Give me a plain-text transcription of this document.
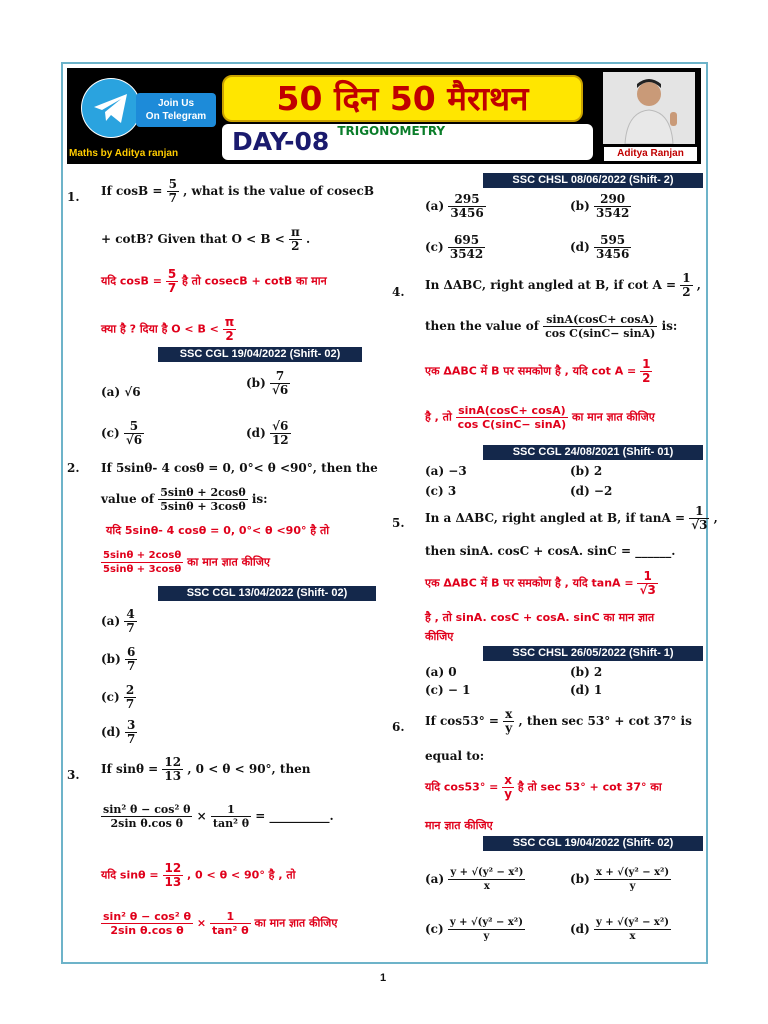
Join Us
On Telegram
Maths by Aditya ranjan
50 दिन 50 मैराथन
DAY-08 TRIGONOMETRY
Aditya Ranjan
1. If $\cos B = \frac{5}{7}$ , what is the value of cosecB
+ cotB? Given that $O < B < \frac{\pi}{2}$ .
यदि $\cos B = \frac{5}{7}$ है तो cosecB + cotB का मान
क्या है ? दिया है $O < B < \frac{\pi}{2}$
SSC CGL 19/04/2022 (Shift- 02)
(a) √6
$(b) \frac{7}{√6}$
$(c) \frac{5}{√6}$	$(d) \frac{√6}{12}$
2. If 5sinθ- 4 cosθ = 0, 0°< θ <90°, then the
value of $\frac{5\sin\theta + 2\cos\theta}{5\sin\theta + 3\cos\theta}$ is:
यदि 5sinθ- 4 cosθ = 0, 0°< θ <90° है तो
$\frac{5\sin\theta + 2\cos\theta}{5\sin\theta + 3\cos\theta}$ का मान ज्ञात कीजिए
SSC CGL 13/04/2022 (Shift- 02)
$(a) \frac{4}{7}$
$(b) \frac{6}{7}$
$(c) \frac{2}{7}$
$(d) \frac{3}{7}$
3. If $\sin\theta = \frac{12}{13}$ , 0 < θ < 90°, then
$\frac{\text{sin² θ − cos² θ}}{\text{2sin θ.cos θ}} \times \frac{1}{\text{tan² θ}}$ = __________.
यदि $\sin\theta = \frac{12}{13}$ , 0 < θ < 90° है , तो
$\frac{\text{sin² θ − cos² θ}}{\text{2sin θ.cos θ}} \times \frac{1}{\text{tan² θ}}$ का मान ज्ञात कीजिए
SSC CHSL 08/06/2022 (Shift- 2)
$(a) \frac{295}{3456}$	$(b) \frac{290}{3542}$
$(c) \frac{695}{3542}$	$(d) \frac{595}{3456}$
4. In ΔABC, right angled at B, if $\cot A = \frac{1}{2}$ ,
then the value of $\frac{\sin A(\cos C+ \cos A)}{\text{cos C(sinC− sinA)}}$ is:
एक ΔABC में B पर समकोण है , यदि $\cot A = \frac{1}{2}$
है , तो $\frac{\sin A(\cos C+ \cos A)}{\text{cos C(sinC− sinA)}}$ का मान ज्ञात कीजिए
SSC CGL 24/08/2021 (Shift- 01)
(a) −3	(b) 2
(c) 3	(d) −2
5. In a ΔABC, right angled at B, if $\tan A = \frac{1}{√3}$ ,
then sinA. cosC + cosA. sinC = ______.
एक ΔABC में B पर समकोण है , यदि $\tan A = \frac{1}{√3}$
है , तो sinA. cosC + cosA. sinC का मान ज्ञात
कीजिए
SSC CHSL 26/05/2022 (Shift- 1)
(a) 0	(b) 2
(c) − 1	(d) 1
6. If $\cos 53^\circ = \frac{x}{y}$ , then sec 53° + cot 37° is
equal to:
यदि $\cos 53^\circ = \frac{x}{y}$ है तो sec 53° + cot 37° का
मान ज्ञात कीजिए
SSC CGL 19/04/2022 (Shift- 02)
$(a) \frac{\text{y + √(y² − x²)}}{x}$	$(b) \frac{\text{x + √(y² − x²)}}{y}$
$(c) \frac{\text{y + √(y² − x²)}}{y}$	$(d) \frac{\text{y + √(y² − x²)}}{x}$
1
